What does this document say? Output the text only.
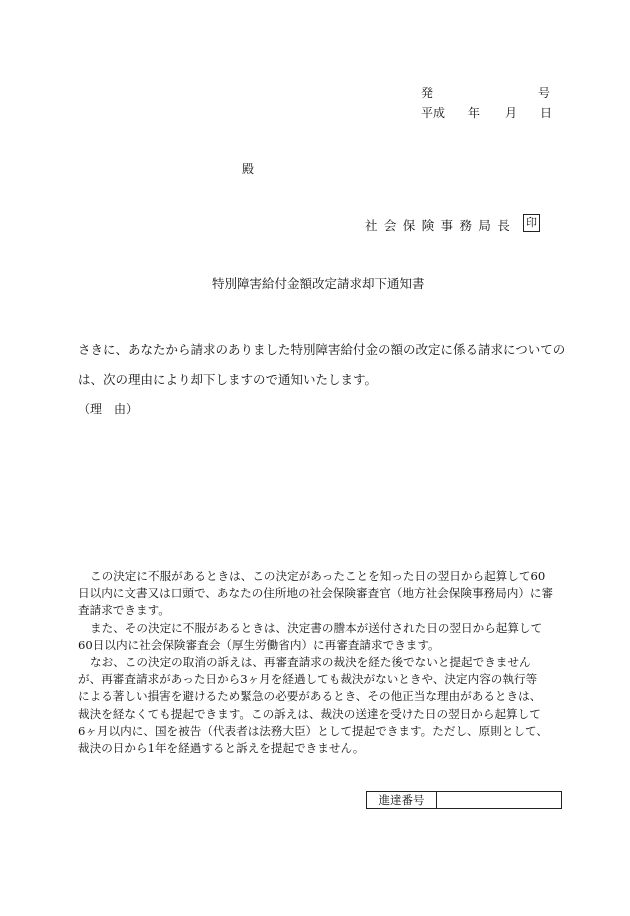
発	号
平成 年 月 日
殿
社会保険事務局長 印
特別障害給付金額改定請求却下通知書
さきに、あなたから請求のありました特別障害給付金の額の改定に係る請求についての
は、次の理由により却下しますので通知いたします。
（理　由）
この決定に不服があるときは、この決定があったことを知った日の翌日から起算して60
日以内に文書又は口頭で、あなたの住所地の社会保険審査官（地方社会保険事務局内）に審
査請求できます。
また、その決定に不服があるときは、決定書の謄本が送付された日の翌日から起算して
60日以内に社会保険審査会（厚生労働省内）に再審査請求できます。
なお、この決定の取消の訴えは、再審査請求の裁決を経た後でないと提起できません
が、再審査請求があった日から3ヶ月を経過しても裁決がないときや、決定内容の執行等
による著しい損害を避けるため緊急の必要があるとき、その他正当な理由があるときは、
裁決を経なくても提起できます。この訴えは、裁決の送達を受けた日の翌日から起算して
6ヶ月以内に、国を被告（代表者は法務大臣）として提起できます。ただし、原則として、
裁決の日から1年を経過すると訴えを提起できません。
進達番号
